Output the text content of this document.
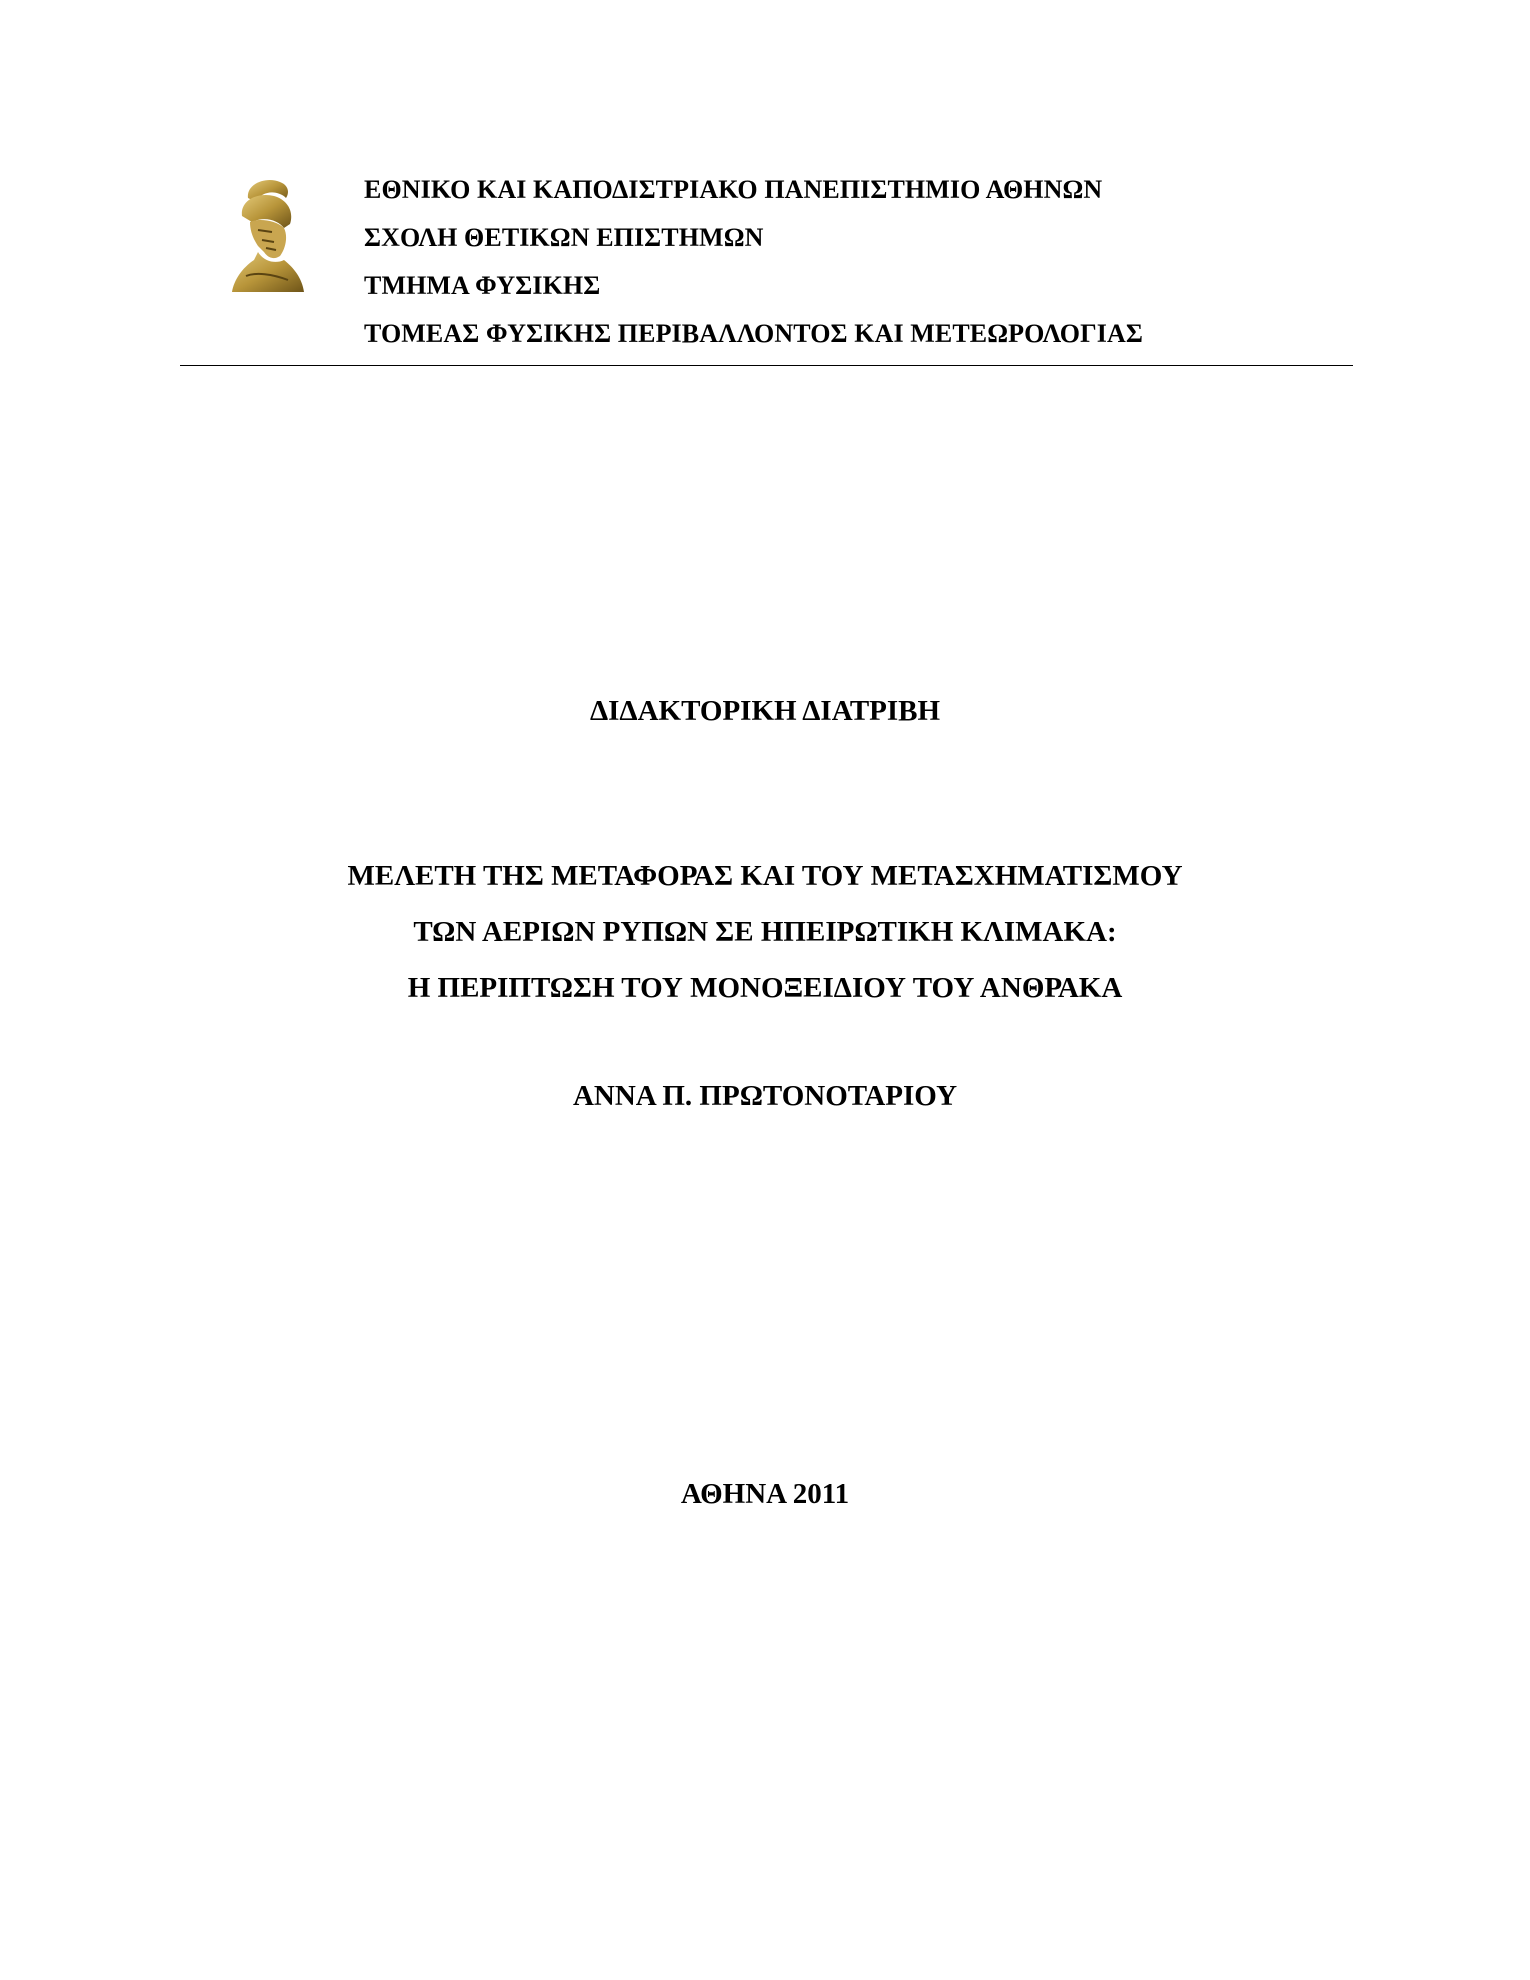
ΕΘΝΙΚΟ ΚΑΙ ΚΑΠΟΔΙΣΤΡΙΑΚΟ ΠΑΝΕΠΙΣΤΗΜΙΟ ΑΘΗΝΩΝ
ΣΧΟΛΗ ΘΕΤΙΚΩΝ ΕΠΙΣΤΗΜΩΝ
ΤΜΗΜΑ ΦΥΣΙΚΗΣ
ΤΟΜΕΑΣ ΦΥΣΙΚΗΣ ΠΕΡΙΒΑΛΛΟΝΤΟΣ ΚΑΙ ΜΕΤΕΩΡΟΛΟΓΙΑΣ
ΔΙΔΑΚΤΟΡΙΚΗ ΔΙΑΤΡΙΒΗ
ΜΕΛΕΤΗ ΤΗΣ ΜΕΤΑΦΟΡΑΣ ΚΑΙ ΤΟΥ ΜΕΤΑΣΧΗΜΑΤΙΣΜΟΥ
ΤΩΝ ΑΕΡΙΩΝ ΡΥΠΩΝ ΣΕ ΗΠΕΙΡΩΤΙΚΗ ΚΛΙΜΑΚΑ:
Η ΠΕΡΙΠΤΩΣΗ ΤΟΥ ΜΟΝΟΞΕΙΔΙΟΥ ΤΟΥ ΑΝΘΡΑΚΑ
ΑΝΝΑ Π. ΠΡΩΤΟΝΟΤΑΡΙΟΥ
ΑΘΗΝΑ 2011
